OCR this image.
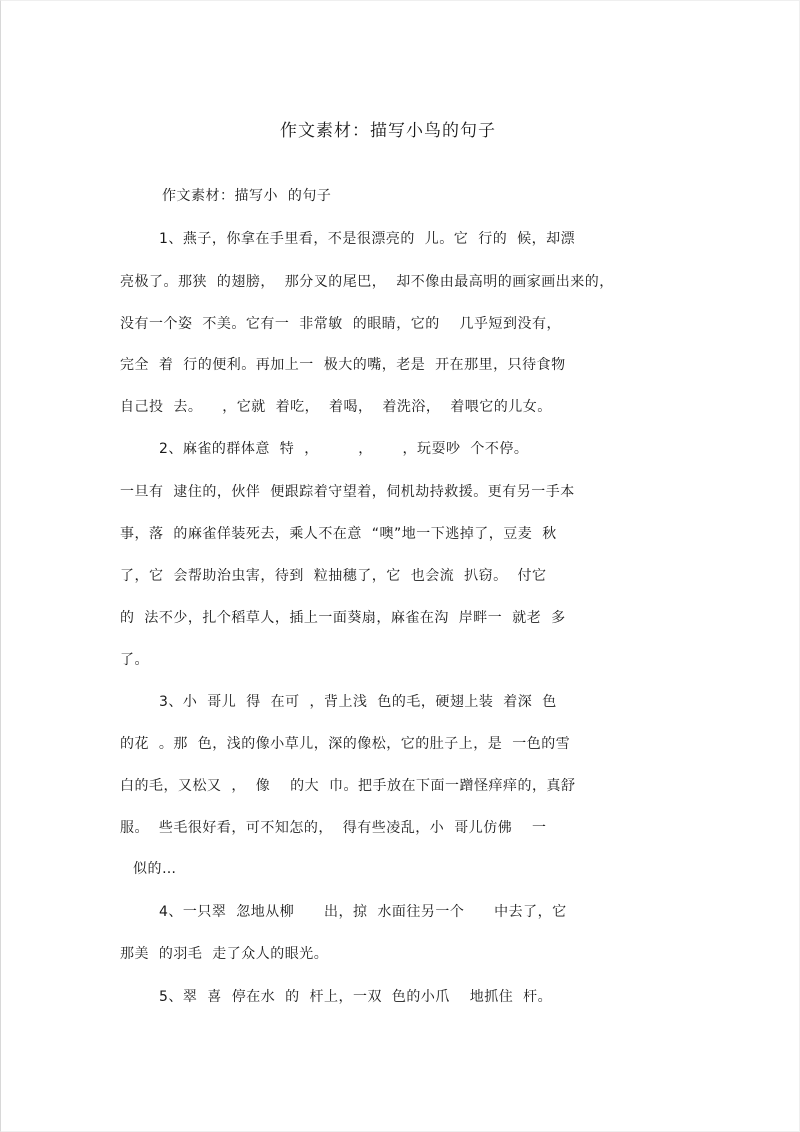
作文素材：描写小鸟的句子
作文素材：描写小  的句子
1、燕子，你拿在手里看，不是很漂亮的  儿。它  行的  候，却漂
亮极了。那狭  的翅膀，  那分叉的尾巴，  却不像由最高明的画家画出来的，
没有一个姿  不美。它有一  非常敏  的眼睛，它的    几乎短到没有，
完全  着  行的便利。再加上一  极大的嘴，老是  开在那里，只待食物
自己投  去。    ，它就  着吃，  着喝，  着洗浴，  着喂它的儿女。
2、麻雀的群体意  特  ，        ，      ，玩耍吵  个不停。
一旦有  逮住的，伙伴  便跟踪着守望着，伺机劫持救援。更有另一手本
事，落  的麻雀佯装死去，乘人不在意  “噢”地一下逃掉了，豆麦  秋
了，它  会帮助治虫害，待到  粒抽穗了，它  也会流  扒窃。  付它
的  法不少，扎个稻草人，插上一面葵扇，麻雀在沟  岸畔一  就老  多
了。
3、小  哥儿  得  在可  ，背上浅  色的毛，硬翅上装  着深  色
的花  。那  色，浅的像小草儿，深的像松，它的肚子上，是  一色的雪
白的毛，又松又  ，  像    的大  巾。把手放在下面一蹭怪痒痒的，真舒
服。  些毛很好看，可不知怎的，  得有些凌乱，小  哥儿仿佛    一
似的…
4、一只翠  忽地从柳      出，掠  水面往另一个      中去了，它
那美  的羽毛  走了众人的眼光。
5、翠  喜  停在水  的  杆上，一双  色的小爪    地抓住  杆。
